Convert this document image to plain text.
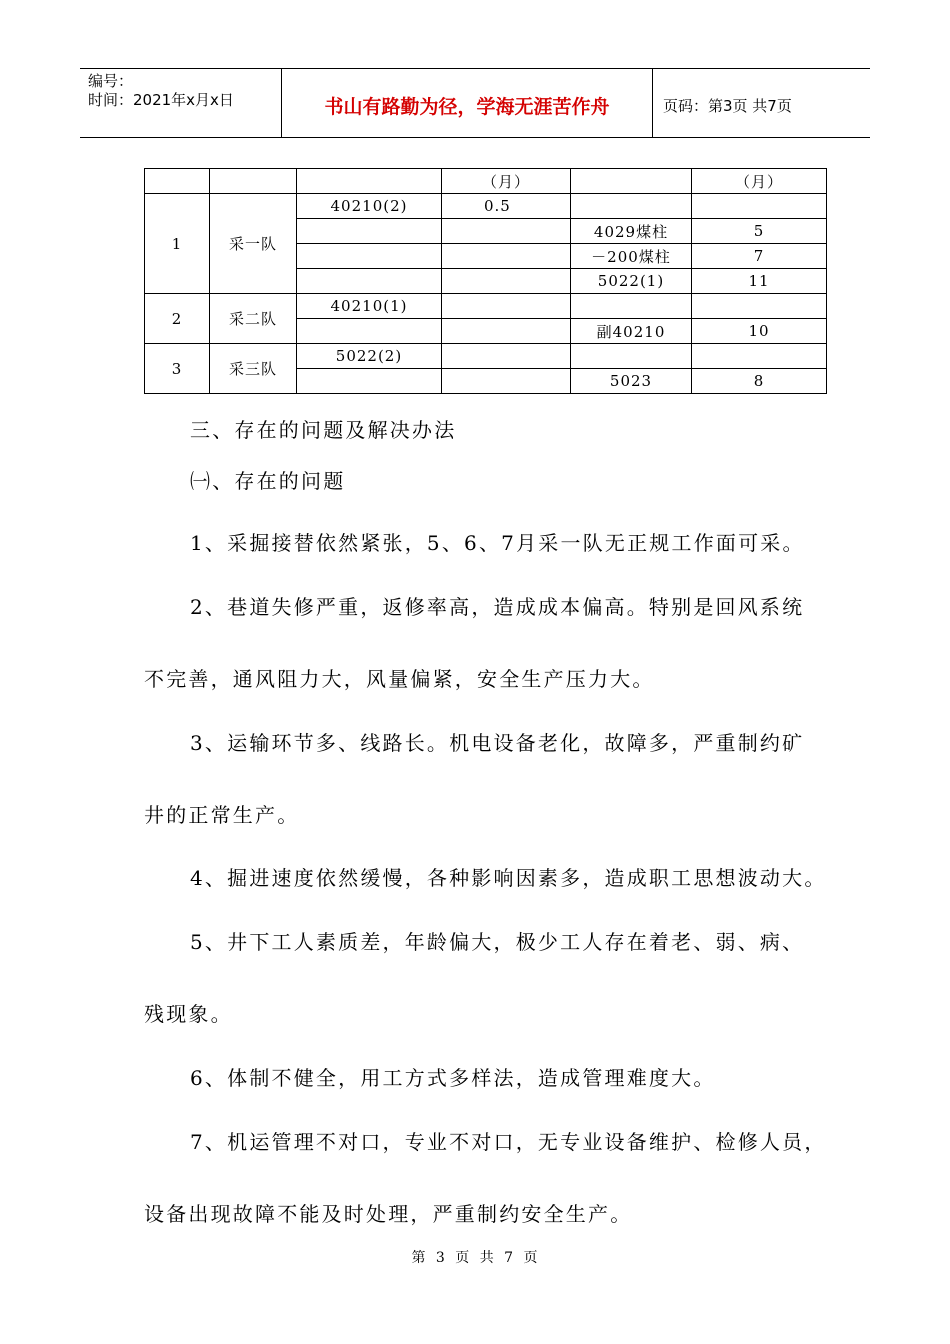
编号：
时间：2021年x月x日	书山有路勤为径，学海无涯苦作舟	页码：第3页 共7页
			（月）		（月）
1	采一队	40210(2)	0.5		
				4029煤柱	5
				－200煤柱	7
				5022(1)	11
2	采二队	40210(1)			
				副40210	10
3	采三队	5022(2)			
				5023	8
三、存在的问题及解决办法
㈠、存在的问题
1、采掘接替依然紧张，5、6、7月采一队无正规工作面可采。
2、巷道失修严重，返修率高，造成成本偏高。特别是回风系统
不完善，通风阻力大，风量偏紧，安全生产压力大。
3、运输环节多、线路长。机电设备老化，故障多，严重制约矿
井的正常生产。
4、掘进速度依然缓慢，各种影响因素多，造成职工思想波动大。
5、井下工人素质差，年龄偏大，极少工人存在着老、弱、病、
残现象。
6、体制不健全，用工方式多样法，造成管理难度大。
7、机运管理不对口，专业不对口，无专业设备维护、检修人员，
设备出现故障不能及时处理，严重制约安全生产。
第 3 页 共 7 页
